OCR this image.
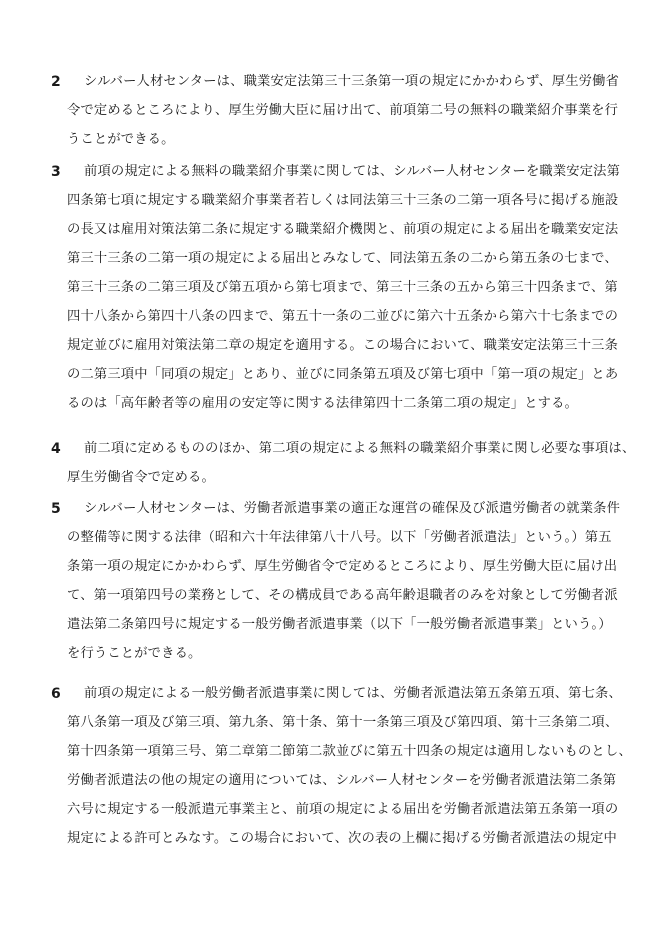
2 シルバー人材センターは、職業安定法第三十三条第一項の規定にかかわらず、厚生労働省
令で定めるところにより、厚生労働大臣に届け出て、前項第二号の無料の職業紹介事業を行
うことができる。
3 前項の規定による無料の職業紹介事業に関しては、シルバー人材センターを職業安定法第
四条第七項に規定する職業紹介事業者若しくは同法第三十三条の二第一項各号に掲げる施設
の長又は雇用対策法第二条に規定する職業紹介機関と、前項の規定による届出を職業安定法
第三十三条の二第一項の規定による届出とみなして、同法第五条の二から第五条の七まで、
第三十三条の二第三項及び第五項から第七項まで、第三十三条の五から第三十四条まで、第
四十八条から第四十八条の四まで、第五十一条の二並びに第六十五条から第六十七条までの
規定並びに雇用対策法第二章の規定を適用する。この場合において、職業安定法第三十三条
の二第三項中「同項の規定」とあり、並びに同条第五項及び第七項中「第一項の規定」とあ
るのは「高年齢者等の雇用の安定等に関する法律第四十二条第二項の規定」とする。
4 前二項に定めるもののほか、第二項の規定による無料の職業紹介事業に関し必要な事項は、
厚生労働省令で定める。
5 シルバー人材センターは、労働者派遣事業の適正な運営の確保及び派遣労働者の就業条件
の整備等に関する法律（昭和六十年法律第八十八号。以下「労働者派遣法」という。）第五
条第一項の規定にかかわらず、厚生労働省令で定めるところにより、厚生労働大臣に届け出
て、第一項第四号の業務として、その構成員である高年齢退職者のみを対象として労働者派
遣法第二条第四号に規定する一般労働者派遣事業（以下「一般労働者派遣事業」という。）
を行うことができる。
6 前項の規定による一般労働者派遣事業に関しては、労働者派遣法第五条第五項、第七条、
第八条第一項及び第三項、第九条、第十条、第十一条第三項及び第四項、第十三条第二項、
第十四条第一項第三号、第二章第二節第二款並びに第五十四条の規定は適用しないものとし、
労働者派遣法の他の規定の適用については、シルバー人材センターを労働者派遣法第二条第
六号に規定する一般派遣元事業主と、前項の規定による届出を労働者派遣法第五条第一項の
規定による許可とみなす。この場合において、次の表の上欄に掲げる労働者派遣法の規定中
